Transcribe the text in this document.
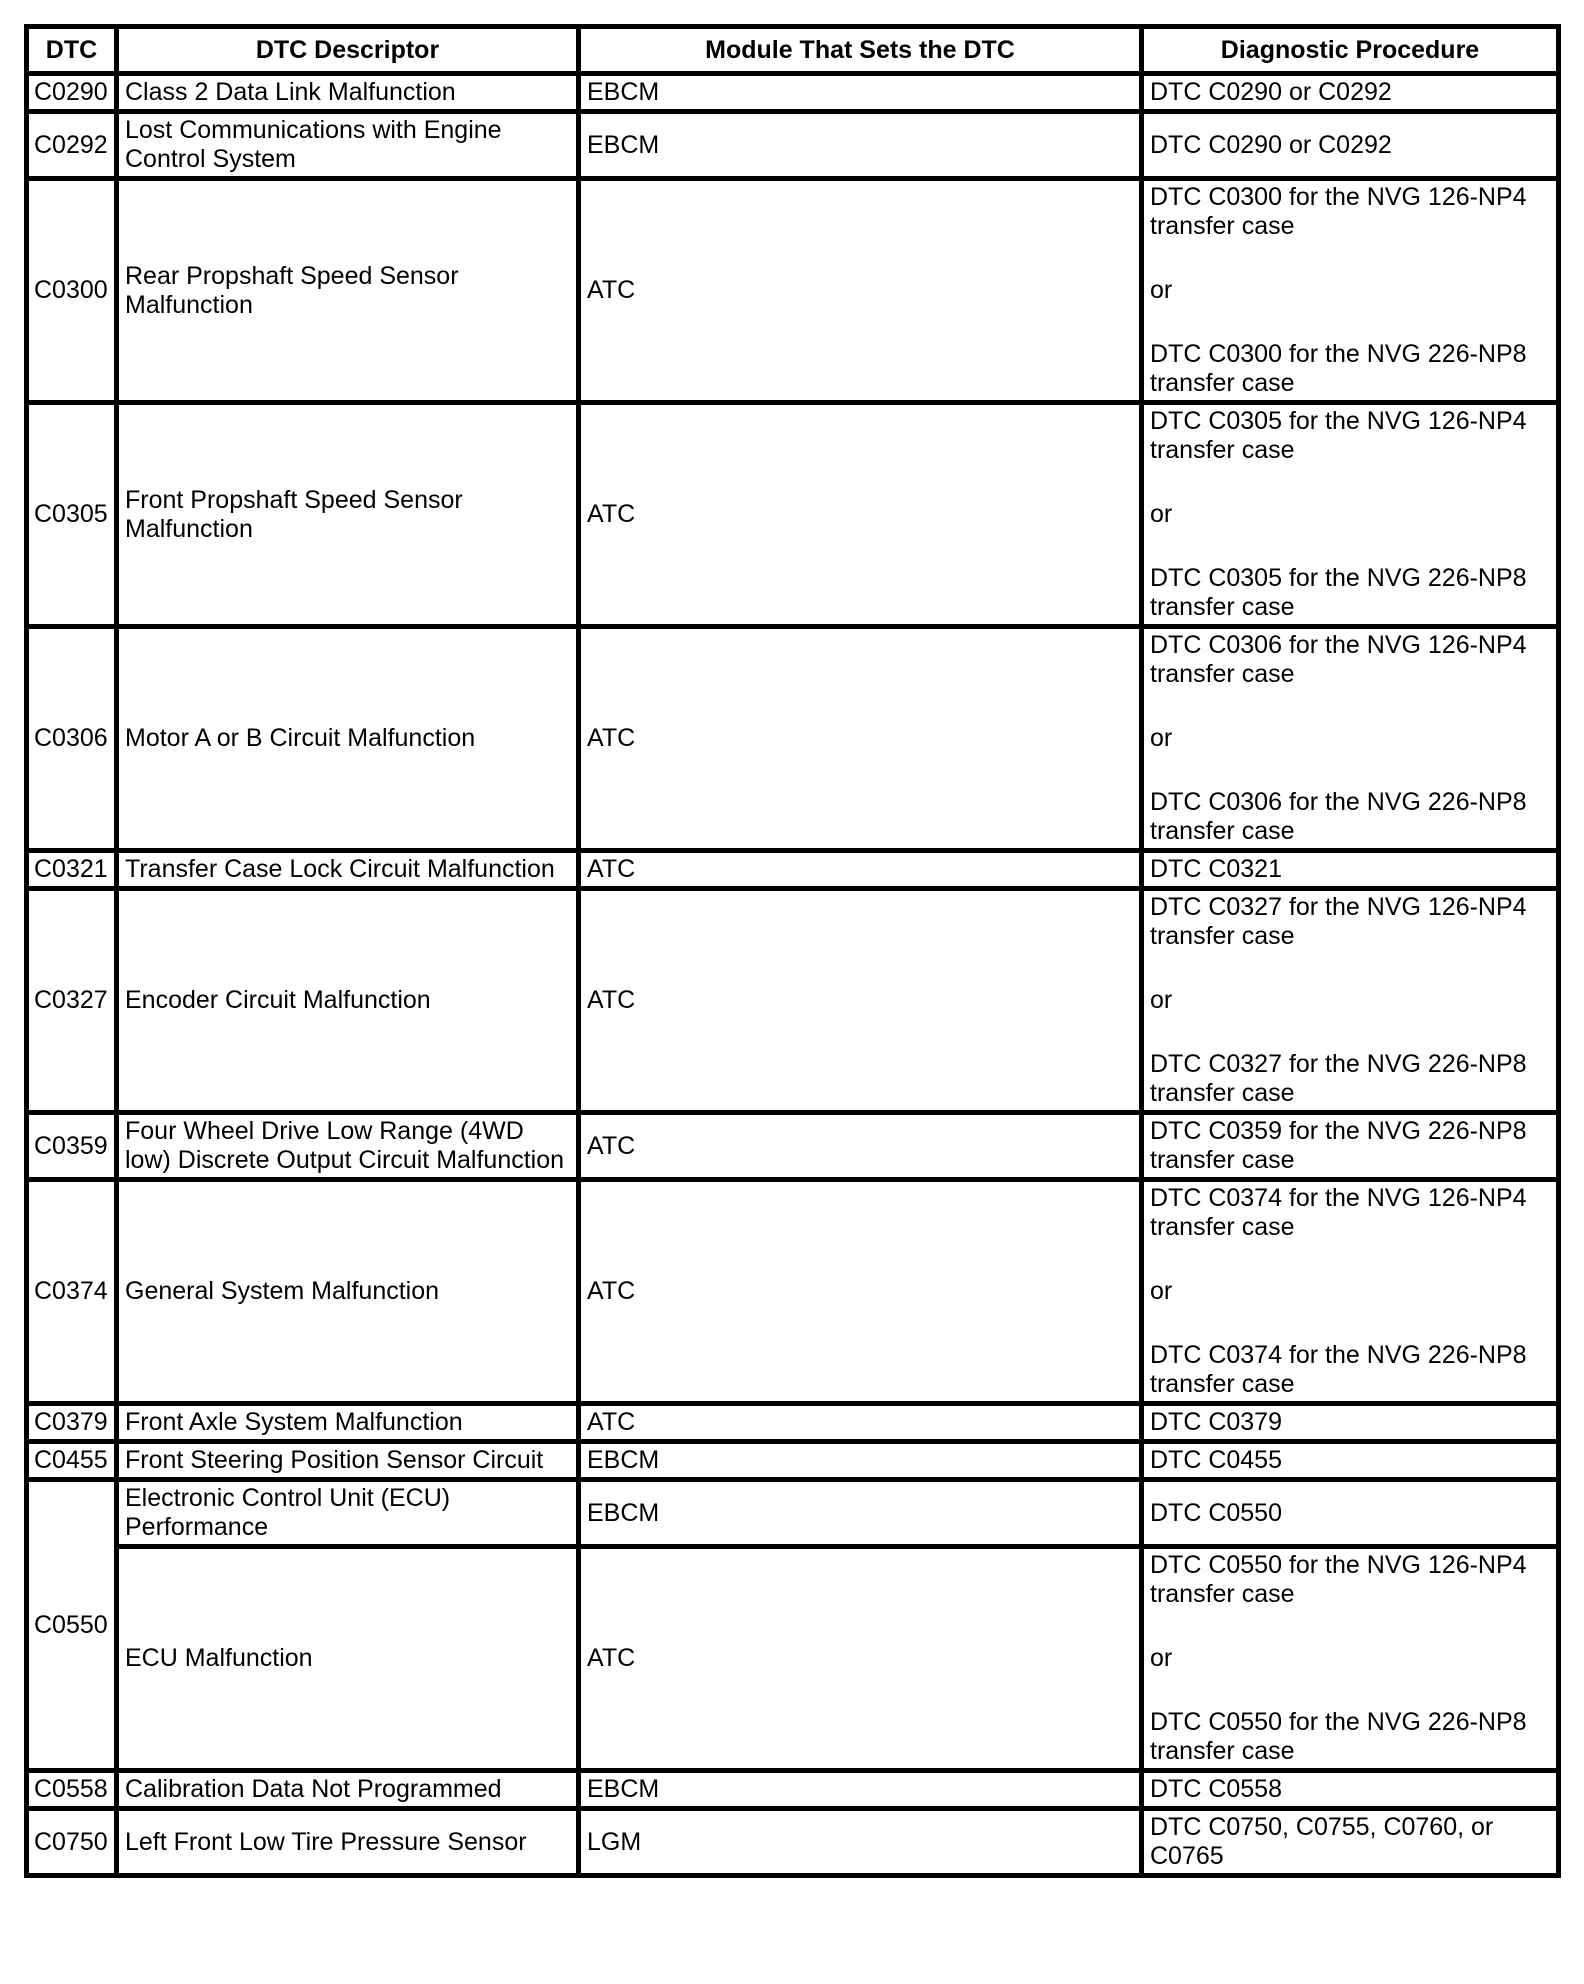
DTC	DTC Descriptor	Module That Sets the DTC	Diagnostic Procedure
C0290	Class 2 Data Link Malfunction	EBCM	DTC C0290 or C0292

C0292	Lost Communications with Engine Control System	EBCM	DTC C0290 or C0292

C0300	Rear Propshaft Speed Sensor Malfunction	ATC	DTC C0300 for the NVG 126-NP4 transfer case
or
DTC C0300 for the NVG 226-NP8 transfer case

C0305	Front Propshaft Speed Sensor Malfunction	ATC	DTC C0305 for the NVG 126-NP4 transfer case
or
DTC C0305 for the NVG 226-NP8 transfer case

C0306	Motor A or B Circuit Malfunction	ATC	DTC C0306 for the NVG 126-NP4 transfer case
or
DTC C0306 for the NVG 226-NP8 transfer case

C0321	Transfer Case Lock Circuit Malfunction	ATC	DTC C0321

C0327	Encoder Circuit Malfunction	ATC	DTC C0327 for the NVG 126-NP4 transfer case
or
DTC C0327 for the NVG 226-NP8 transfer case

C0359	Four Wheel Drive Low Range (4WD low) Discrete Output Circuit Malfunction	ATC	DTC C0359 for the NVG 226-NP8 transfer case

C0374	General System Malfunction	ATC	DTC C0374 for the NVG 126-NP4 transfer case
or
DTC C0374 for the NVG 226-NP8 transfer case

C0379	Front Axle System Malfunction	ATC	DTC C0379

C0455	Front Steering Position Sensor Circuit	EBCM	DTC C0455

C0550	Electronic Control Unit (ECU) Performance	EBCM	DTC C0550

	ECU Malfunction	ATC	DTC C0550 for the NVG 126-NP4 transfer case
or
DTC C0550 for the NVG 226-NP8 transfer case

C0558	Calibration Data Not Programmed	EBCM	DTC C0558

C0750	Left Front Low Tire Pressure Sensor	LGM	DTC C0750, C0755, C0760, or C0765
